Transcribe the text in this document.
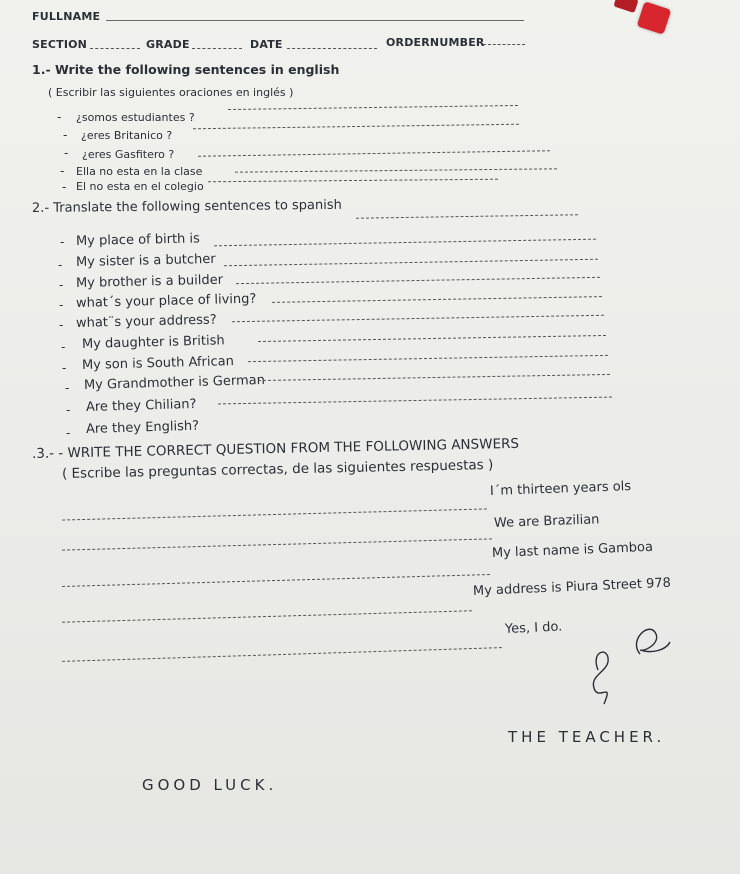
FULLNAME
SECTION	GRADE	DATE	ORDERNUMBER
1.- Write the following sentences in english
( Escribir las siguientes oraciones en inglés )
- ¿somos estudiantes ?
- ¿eres Britanico ?
- ¿eres Gasfitero ?
- Ella no esta en la clase
- El no esta en el colegio
2.- Translate the following sentences to spanish
- My place of birth is
- My sister is a butcher
- My brother is a builder
- what´s your place of living?
- what¨s your address?
- My daughter is British
- My son is South African
- My Grandmother is German
- Are they Chilian?
- Are they English?
.3.- - WRITE THE CORRECT QUESTION FROM THE FOLLOWING ANSWERS
( Escribe las preguntas correctas, de las siguientes respuestas )
I´m thirteen years ols
We are Brazilian
My last name is Gamboa
My address is Piura Street 978
Yes, I do.
THE TEACHER.
GOOD LUCK.
